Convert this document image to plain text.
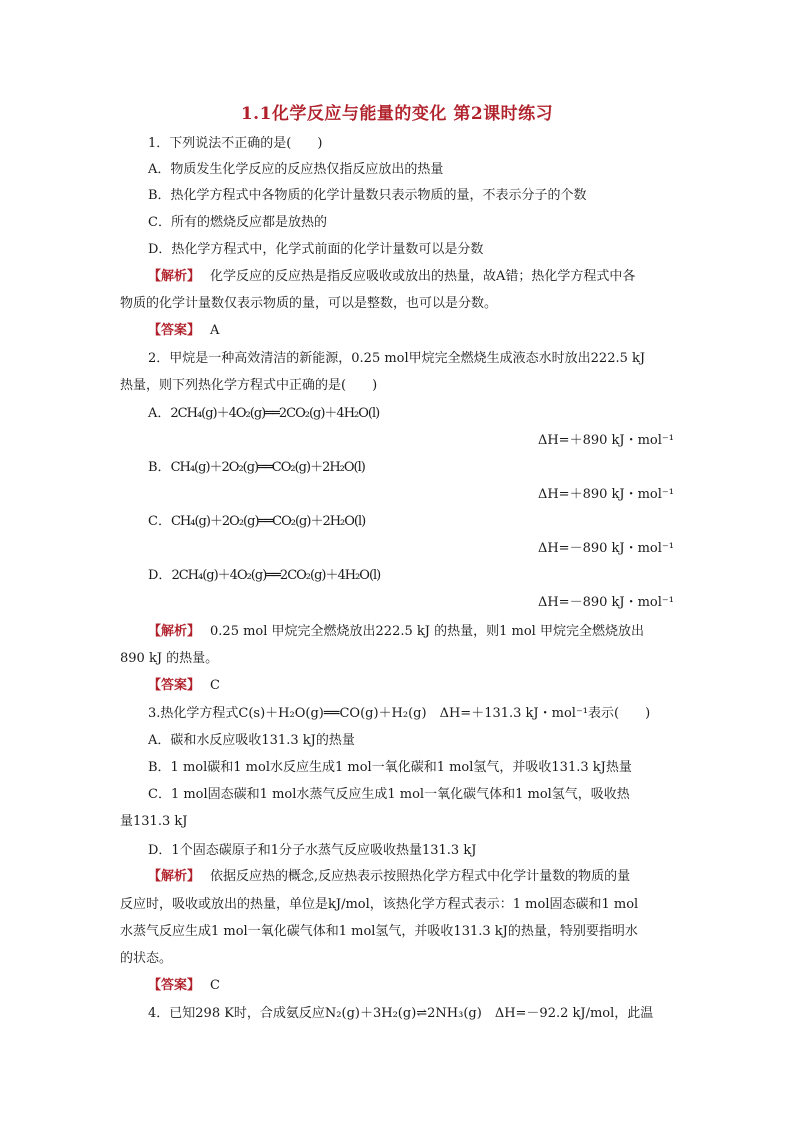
1.1化学反应与能量的变化 第2课时练习
1．下列说法不正确的是(　　)
A．物质发生化学反应的反应热仅指反应放出的热量
B．热化学方程式中各物质的化学计量数只表示物质的量，不表示分子的个数
C．所有的燃烧反应都是放热的
D．热化学方程式中，化学式前面的化学计量数可以是分数
【解析】 化学反应的反应热是指反应吸收或放出的热量，故A错；热化学方程式中各
物质的化学计量数仅表示物质的量，可以是整数，也可以是分数。
【答案】 A
2．甲烷是一种高效清洁的新能源，0.25 mol甲烷完全燃烧生成液态水时放出222.5 kJ
热量，则下列热化学方程式中正确的是(　　)
A．2CH₄(g)＋4O₂(g)══2CO₂(g)＋4H₂O(l)
ΔH=＋890 kJ・mol⁻¹
B．CH₄(g)＋2O₂(g)══CO₂(g)＋2H₂O(l)
ΔH=＋890 kJ・mol⁻¹
C．CH₄(g)＋2O₂(g)══CO₂(g)＋2H₂O(l)
ΔH=－890 kJ・mol⁻¹
D．2CH₄(g)＋4O₂(g)══2CO₂(g)＋4H₂O(l)
ΔH=－890 kJ・mol⁻¹
【解析】 0.25 mol 甲烷完全燃烧放出222.5 kJ 的热量，则1 mol 甲烷完全燃烧放出
890 kJ 的热量。
【答案】 C
3.热化学方程式C(s)＋H₂O(g)══CO(g)＋H₂(g)　ΔH=＋131.3 kJ・mol⁻¹表示(　　)
A．碳和水反应吸收131.3 kJ的热量
B．1 mol碳和1 mol水反应生成1 mol一氧化碳和1 mol氢气，并吸收131.3 kJ热量
C．1 mol固态碳和1 mol水蒸气反应生成1 mol一氧化碳气体和1 mol氢气，吸收热
量131.3 kJ
D．1个固态碳原子和1分子水蒸气反应吸收热量131.3 kJ
【解析】 依据反应热的概念,反应热表示按照热化学方程式中化学计量数的物质的量
反应时，吸收或放出的热量，单位是kJ/mol，该热化学方程式表示：1 mol固态碳和1 mol
水蒸气反应生成1 mol一氧化碳气体和1 mol氢气，并吸收131.3 kJ的热量，特别要指明水
的状态。
【答案】 C
4．已知298 K时，合成氨反应N₂(g)＋3H₂(g)⇌2NH₃(g)　ΔH=－92.2 kJ/mol，此温
